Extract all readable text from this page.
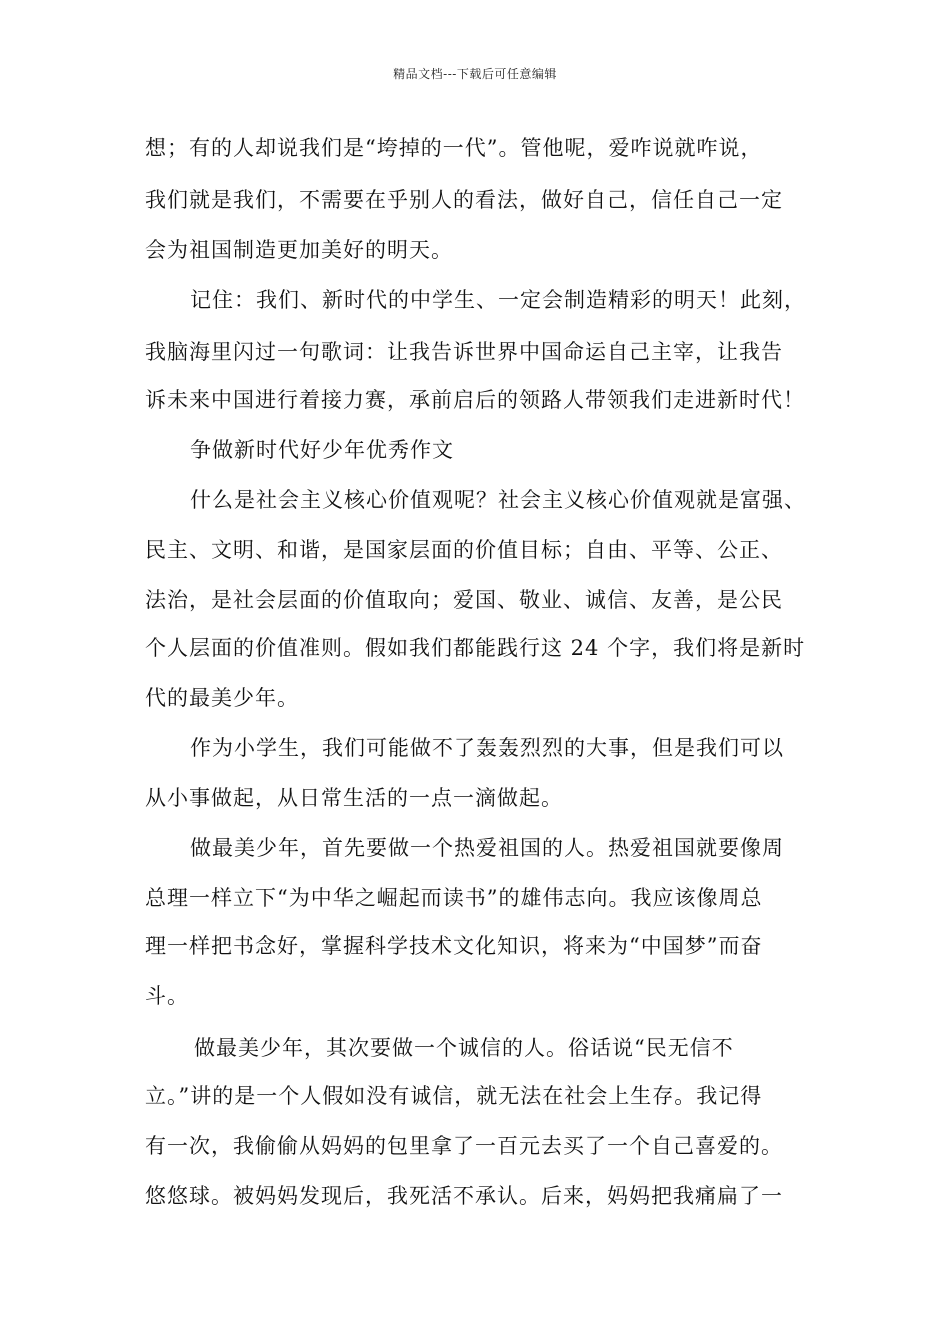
精品文档---下载后可任意编辑
想；有的人却说我们是“垮掉的一代”。管他呢，爱咋说就咋说，
我们就是我们，不需要在乎别人的看法，做好自己，信任自己一定
会为祖国制造更加美好的明天。
记住：我们、新时代的中学生、一定会制造精彩的明天！此刻，
我脑海里闪过一句歌词：让我告诉世界中国命运自己主宰，让我告
诉未来中国进行着接力赛，承前启后的领路人带领我们走进新时代！
争做新时代好少年优秀作文
什么是社会主义核心价值观呢？社会主义核心价值观就是富强、
民主、文明、和谐，是国家层面的价值目标；自由、平等、公正、
法治，是社会层面的价值取向；爱国、敬业、诚信、友善，是公民
个人层面的价值准则。假如我们都能践行这 24 个字，我们将是新时
代的最美少年。
作为小学生，我们可能做不了轰轰烈烈的大事，但是我们可以
从小事做起，从日常生活的一点一滴做起。
做最美少年，首先要做一个热爱祖国的人。热爱祖国就要像周
总理一样立下“为中华之崛起而读书”的雄伟志向。我应该像周总
理一样把书念好，掌握科学技术文化知识，将来为“中国梦”而奋
斗。
做最美少年，其次要做一个诚信的人。俗话说“民无信不
立。”讲的是一个人假如没有诚信，就无法在社会上生存。我记得
有一次，我偷偷从妈妈的包里拿了一百元去买了一个自己喜爱的。
悠悠球。被妈妈发现后，我死活不承认。后来，妈妈把我痛扁了一
